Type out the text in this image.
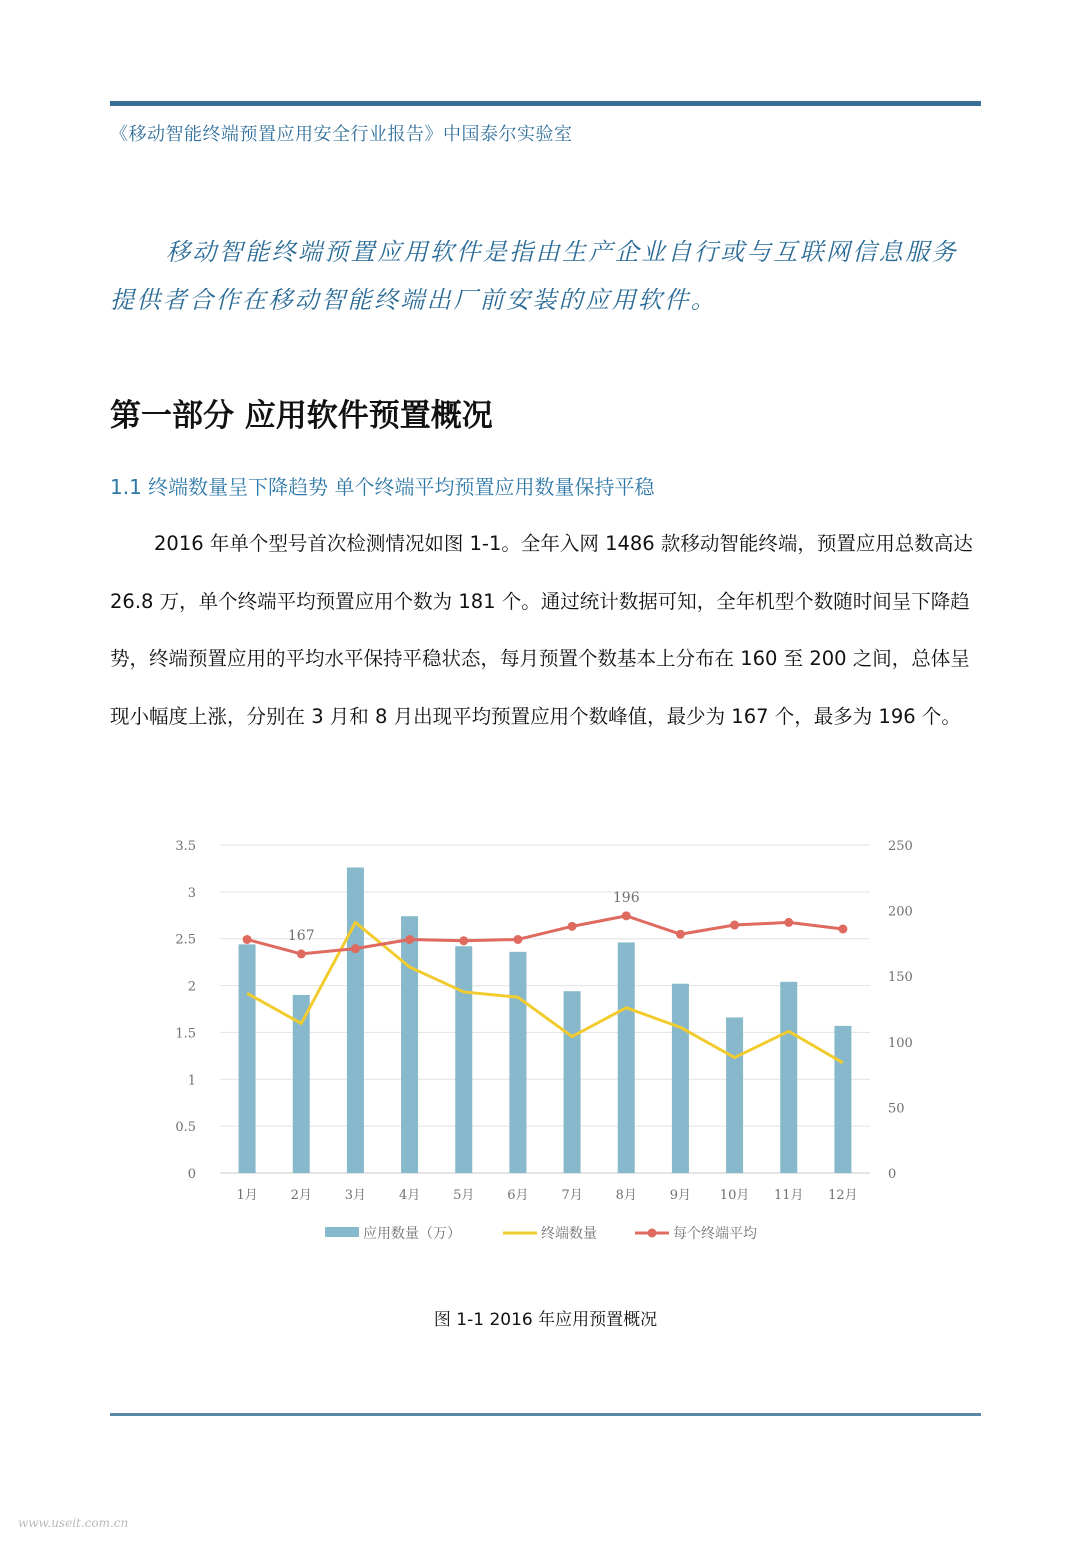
《移动智能终端预置应用安全行业报告》中国泰尔实验室
移动智能终端预置应用软件是指由生产企业自行或与互联网信息服务提供者合作在移动智能终端出厂前安装的应用软件。
第一部分 应用软件预置概况
1.1 终端数量呈下降趋势 单个终端平均预置应用数量保持平稳
2016 年单个型号首次检测情况如图 1-1。全年入网 1486 款移动智能终端，预置应用总数高达 26.8 万，单个终端平均预置应用个数为 181 个。通过统计数据可知，全年机型个数随时间呈下降趋势，终端预置应用的平均水平保持平稳状态，每月预置个数基本上分布在 160 至 200 之间，总体呈现小幅度上涨，分别在 3 月和 8 月出现平均预置应用个数峰值，最少为 167 个，最多为 196 个。
0
0.5
1
1.5
2
2.5
3
3.5
0
50
100
150
200
250
1月	2月	3月	4月	5月	6月	7月	8月	9月 10月 11月 12月
167
196
应用数量（万）	终端数量	每个终端平均
图 1-1 2016 年应用预置概况
www.useit.com.cn
